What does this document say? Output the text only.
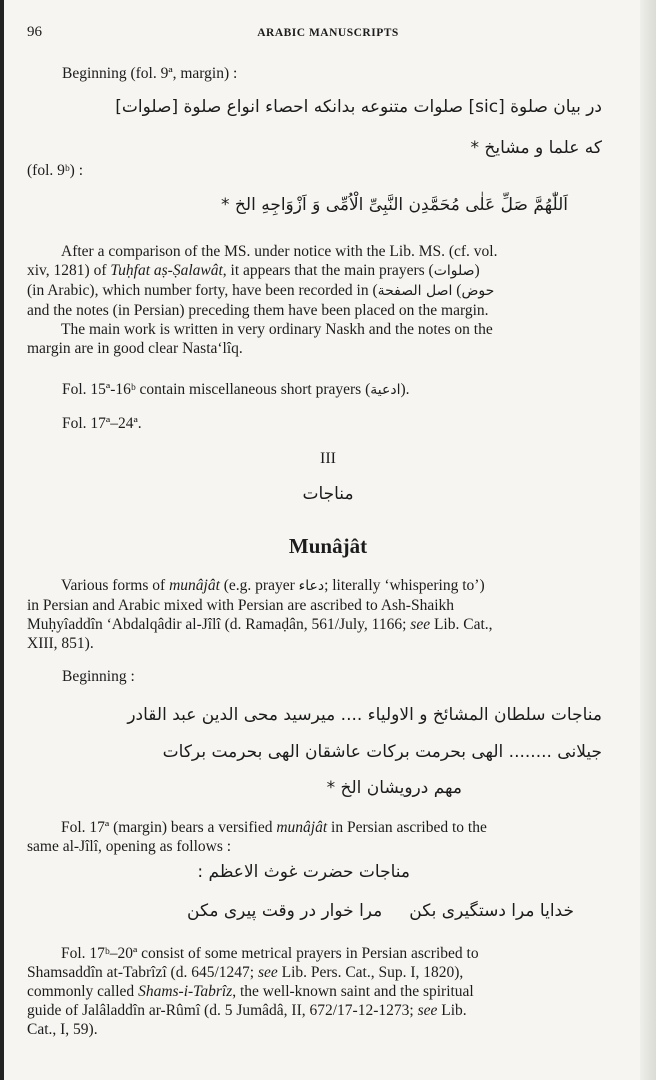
96	ARABIC MANUSCRIPTS
Beginning (fol. 9ª, margin) :
در بیان صلوة [sic] صلوات متنوعه بدانکه احصاء انواع صلوة [صلوات]
که علما و مشایخ *
(fol. 9ᵇ) :
اَللّٰهُمَّ صَلِّ عَلٰی مُحَمَّدِن النَّبِیِّ الْاُمِّی وَ اَزْوَاجِهِ الخ *
After a comparison of the MS. under notice with the Lib. MS. (cf. vol.
xiv, 1281) of Tuḥfat aṣ-Ṣalawât, it appears that the main prayers (صلوات)
(in Arabic), which number forty, have been recorded in (	حوض) اصل الصفحة
and the notes (in Persian) preceding them have been placed on the margin.
The main work is written in very ordinary Naskh and the notes on the
margin are in good clear Nastaʻlîq.
Fol. 15ª-16ᵇ contain miscellaneous short prayers (ادعیة).
Fol. 17ª–24ª.
III
مناجات
Munâjât
Various forms of munâjât (e.g. prayer دعاء; literally ‘whispering to’)
in Persian and Arabic mixed with Persian are ascribed to Ash-Shaikh
Muḥyîaddîn ‘Abdalqâdir al-Jîlî (d. Ramaḍân, 561/July, 1166; see Lib. Cat.,
XIII, 851).
Beginning :
مناجات سلطان المشائخ و الاولیاء .... میرسید محی الدین عبد القادر
جیلانی ........ الهی بحرمت برکات عاشقان الهی بحرمت برکات
مهم درویشان الخ *
Fol. 17ª (margin) bears a versified munâjât in Persian ascribed to the
same al-Jîlî, opening as follows :
مناجات حضرت غوث الاعظم :
خدایا مرا دستگیری بکن     مرا خوار در وقت پیری مکن
Fol. 17ᵇ–20ª consist of some metrical prayers in Persian ascribed to
Shamsaddîn at-Tabrîzî (d. 645/1247; see Lib. Pers. Cat., Sup. I, 1820),
commonly called Shams-i-Tabrîz, the well-known saint and the spiritual
guide of Jalâladdîn ar-Rûmî (d. 5 Jumâdâ, II, 672/17-12-1273; see Lib.
Cat., I, 59).
